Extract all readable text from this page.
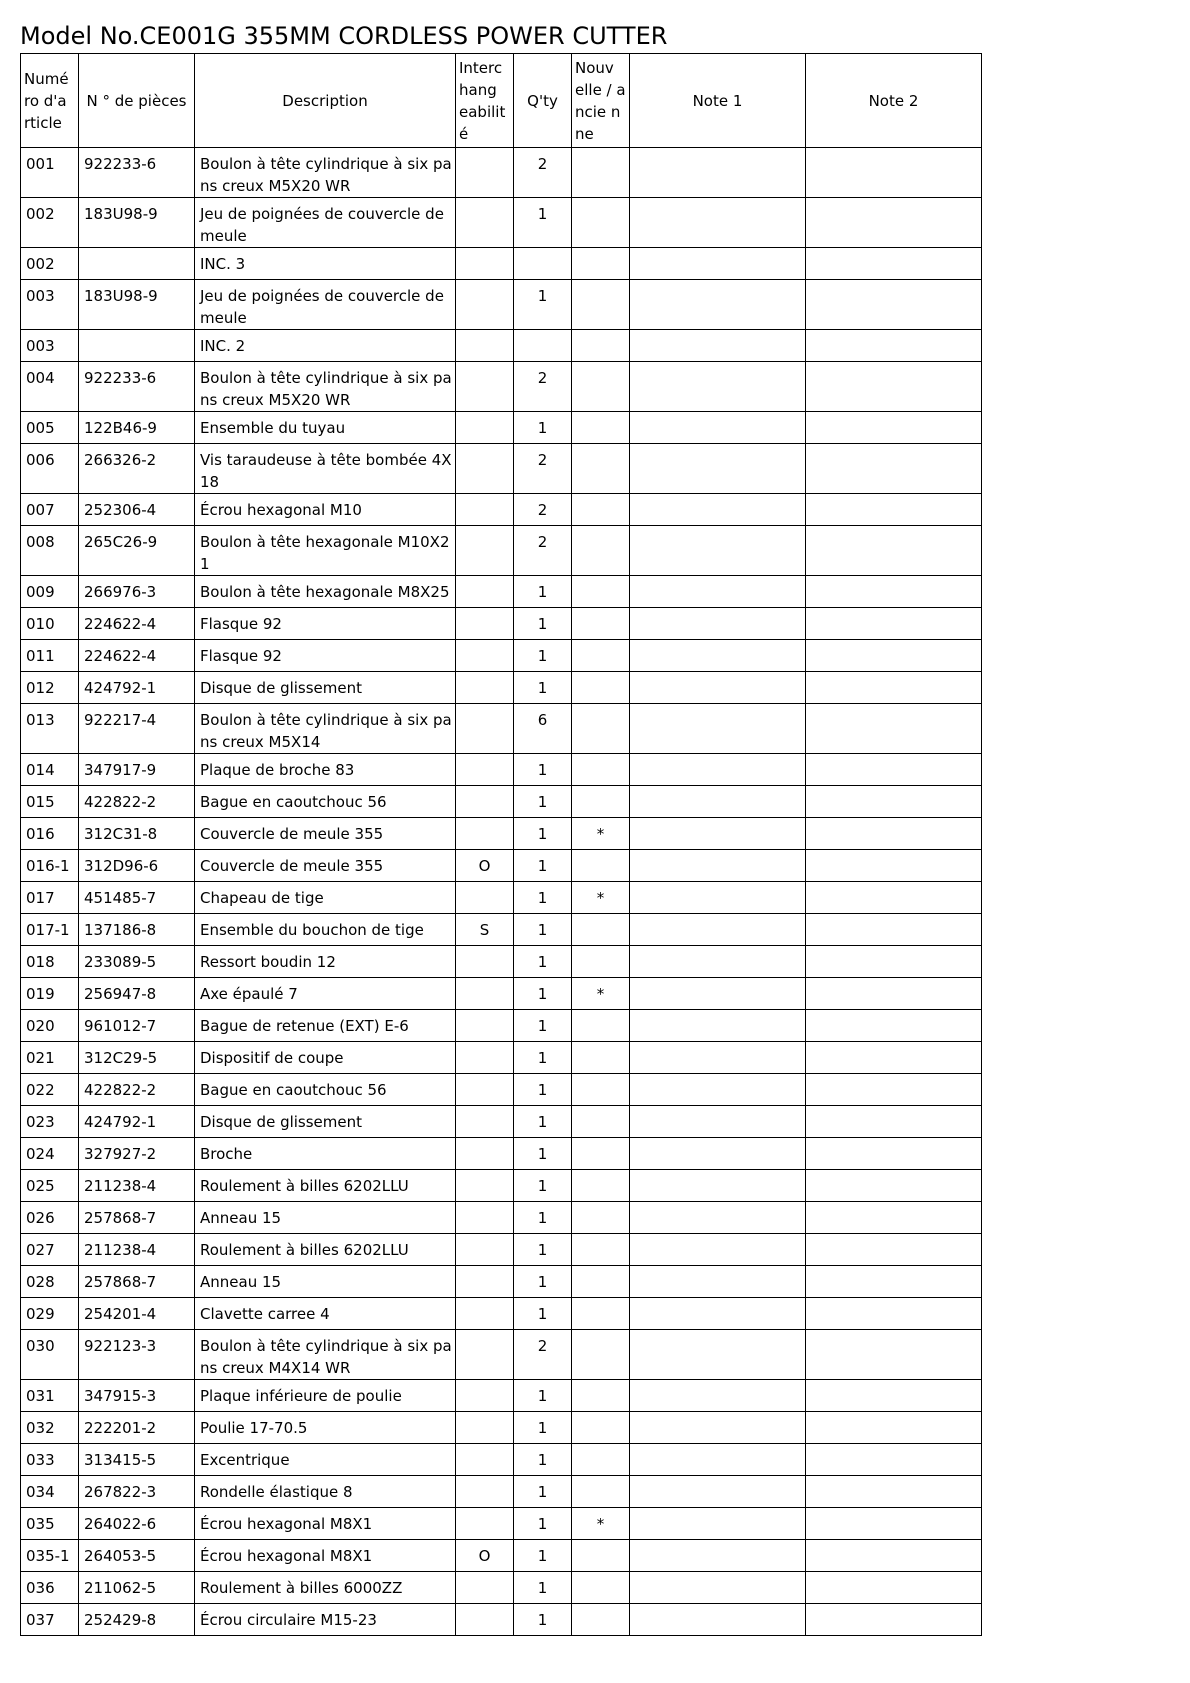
Model No.CE001G 355MM CORDLESS POWER CUTTER
Numé ro d'a rticle	N ° de pièces	Description	Interc hang eabilit é	Q'ty	Nouv elle / ancie nne	Note 1	Note 2
001	922233-6	Boulon à tête cylindrique à six pa ns creux M5X20 WR		2			
002	183U98-9	Jeu de poignées de couvercle de meule		1			
002		INC. 3					
003	183U98-9	Jeu de poignées de couvercle de meule		1			
003		INC. 2					
004	922233-6	Boulon à tête cylindrique à six pa ns creux M5X20 WR		2			
005	122B46-9	Ensemble du tuyau		1			
006	266326-2	Vis taraudeuse à tête bombée 4X 18		2			
007	252306-4	Écrou hexagonal M10		2			
008	265C26-9	Boulon à tête hexagonale M10X2 1		2			
009	266976-3	Boulon à tête hexagonale M8X25		1			
010	224622-4	Flasque 92		1			
011	224622-4	Flasque 92		1			
012	424792-1	Disque de glissement		1			
013	922217-4	Boulon à tête cylindrique à six pa ns creux M5X14		6			
014	347917-9	Plaque de broche 83		1			
015	422822-2	Bague en caoutchouc 56		1			
016	312C31-8	Couvercle de meule 355		1	*		
016-1	312D96-6	Couvercle de meule 355	O	1			
017	451485-7	Chapeau de tige		1	*		
017-1	137186-8	Ensemble du bouchon de tige	S	1			
018	233089-5	Ressort boudin 12		1			
019	256947-8	Axe épaulé 7		1	*		
020	961012-7	Bague de retenue (EXT) E-6		1			
021	312C29-5	Dispositif de coupe		1			
022	422822-2	Bague en caoutchouc 56		1			
023	424792-1	Disque de glissement		1			
024	327927-2	Broche		1			
025	211238-4	Roulement à billes 6202LLU		1			
026	257868-7	Anneau 15		1			
027	211238-4	Roulement à billes 6202LLU		1			
028	257868-7	Anneau 15		1			
029	254201-4	Clavette carree 4		1			
030	922123-3	Boulon à tête cylindrique à six pa ns creux M4X14 WR		2			
031	347915-3	Plaque inférieure de poulie		1			
032	222201-2	Poulie 17-70.5		1			
033	313415-5	Excentrique		1			
034	267822-3	Rondelle élastique 8		1			
035	264022-6	Écrou hexagonal M8X1		1	*		
035-1	264053-5	Écrou hexagonal M8X1	O	1			
036	211062-5	Roulement à billes 6000ZZ		1			
037	252429-8	Écrou circulaire M15-23		1			
